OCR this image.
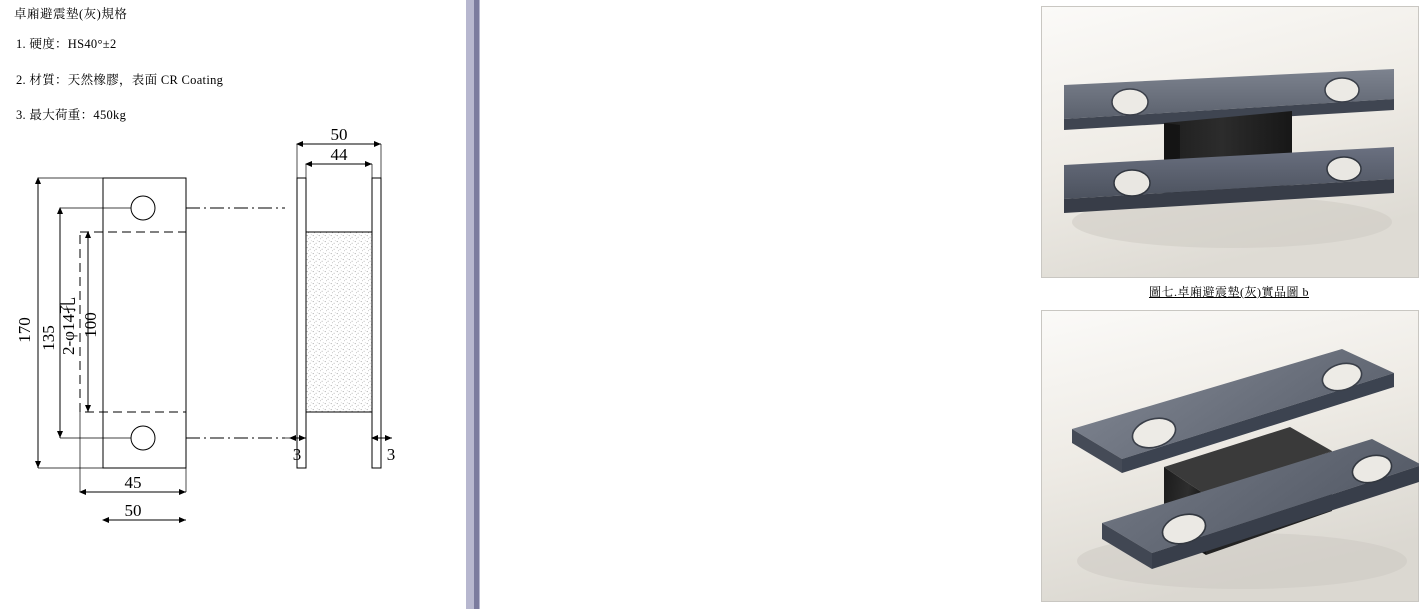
卓廂避震墊(灰)規格
1. 硬度：HS40°±2
2. 材質：天然橡膠，表面 CR Coating
3. 最大荷重：450kg
170 135 2-φ14孔 100
45
50
50
44
3	3
圖七.卓廂避震墊(灰)實品圖 b
